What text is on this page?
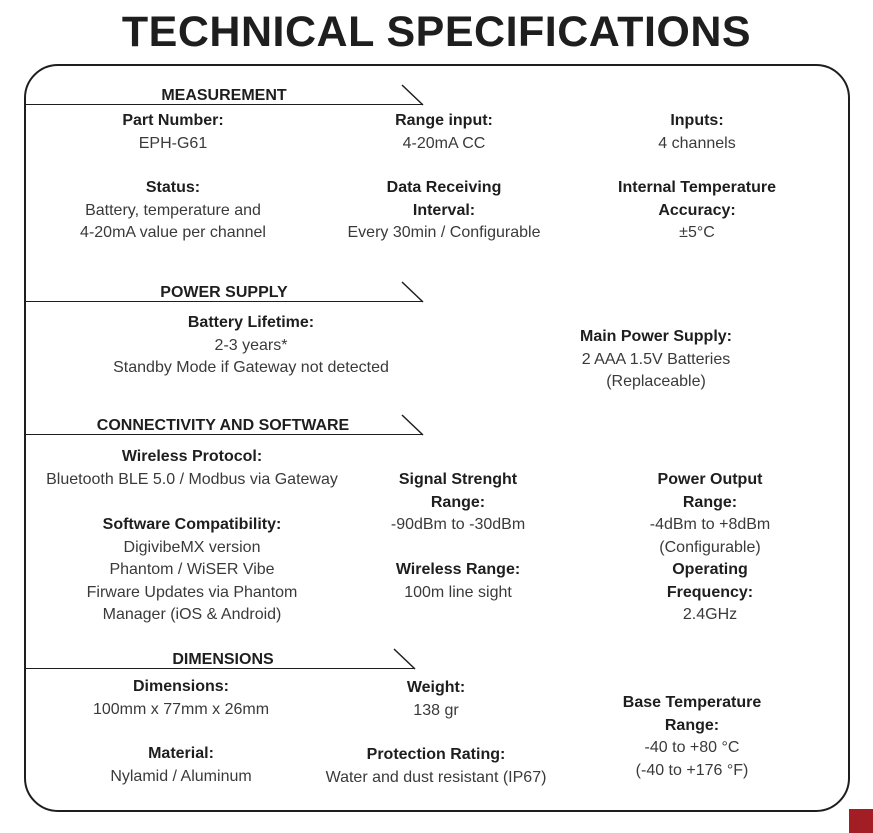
TECHNICAL SPECIFICATIONS
MEASUREMENT
Part Number:
EPH-G61
Range input:
4-20mA CC
Inputs:
4 channels
Status:
Battery, temperature and
4-20mA value per channel
Data Receiving
Interval:
Every 30min / Configurable
Internal Temperature
Accuracy:
±5°C
POWER SUPPLY
Battery Lifetime:
2-3 years*
Standby Mode if Gateway not detected
Main Power Supply:
2 AAA 1.5V Batteries (Replaceable)
CONNECTIVITY AND SOFTWARE
Wireless Protocol:
Bluetooth BLE 5.0 / Modbus via Gateway
Software Compatibility:
DigivibeMX version
Phantom / WiSER Vibe
Firware Updates via Phantom
Manager (iOS & Android)
Signal Strenght
Range:
-90dBm to -30dBm
Wireless Range:
100m line sight
Power Output Range:
-4dBm to +8dBm
(Configurable)
Operating Frequency:
2.4GHz
DIMENSIONS
Dimensions:
100mm x 77mm x 26mm
Weight:
138 gr
Material:
Nylamid / Aluminum
Protection Rating:
Water and dust resistant (IP67)
Base Temperature
Range:
-40 to +80 °C
(-40 to +176 °F)
